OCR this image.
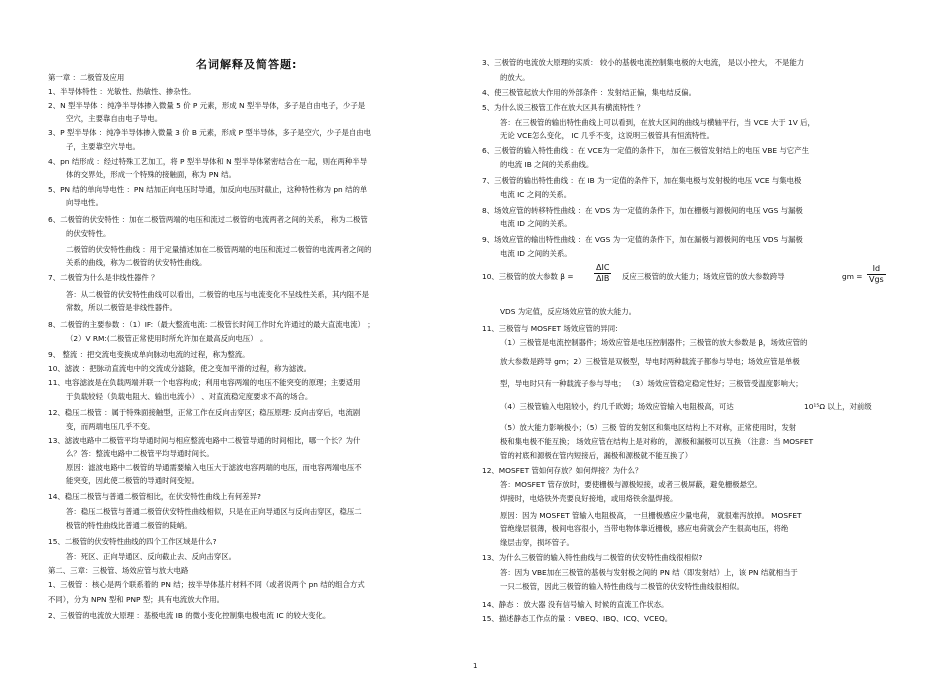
名词解释及简答题:
第一章 ：二极管及应用
1、半导体特性 ：光敏性、热敏性、掺杂性。
2、N 型半导体 ：纯净半导体掺入微量 5 价 P 元素，形成 N 型半导体，多子是自由电子，少子是
空穴，主要靠自由电子导电。
3、P 型半导体 ：纯净半导体掺入微量 3 价 B 元素，形成 P 型半导体，多子是空穴，少子是自由电
子，主要靠空穴导电。
4、pn 结形成 ：经过特殊工艺加工，将 P 型半导体和 N 型半导体紧密结合在一起，则在两种半导
体的交界处，形成一个特殊的接触面，称为 PN 结。
5、PN 结的单向导电性 ：PN 结加正向电压时导通，加反向电压时截止，这种特性称为 pn 结的单
向导电性。
6、二极管的伏安特性 ：加在二极管两端的电压和流过二极管的电流两者之间的关系， 称为二极管
的伏安特性。
二极管的伏安特性曲线 ：用于定量描述加在二极管两端的电压和流过二极管的电流两者之间的
关系的曲线，称为二极管的伏安特性曲线。
7、二极管为什么是非线性器件 ？
答：从二极管的伏安特性曲线可以看出，二极管的电压与电流变化不呈线性关系，其内阻不是
常数，所以二极管是非线性器件。
8、二极管的主要参数 ：（1）IF:（最大整流电流: 二极管长时间工作时允许通过的最大直流电流） ；
（2）V RM:(二极管正常使用时所允许加在最高反向电压） 。
9、 整流 ：把交流电变换成单向脉动电流的过程，称为整流。
10、滤波 ：把脉动直流电中的交流成分滤除，使之变加平滑的过程，称为滤波。
11、电容滤波是在负载两端并联一个电容构成；利用电容两端的电压不能突变的原理；主要适用
于负载较轻（负载电阻大、输出电流小） 、对直流稳定度要求不高的场合。
12、稳压二极管 ：属于特殊面接触型，正常工作在反向击穿区；稳压原理: 反向击穿后，电流剧
变，而两端电压几乎不变。
13、滤波电路中二极管平均导通时间与相应整流电路中二极管导通的时间相比，哪一个长？为什
么？答：整流电路中二极管平均导通时间长。
原因：滤波电路中二极管的导通需要输入电压大于滤波电容两端的电压，而电容两端电压不
能突变，因此使二极管的导通时间变短。
14、稳压二极管与普通二极管相比，在伏安特性曲线上有何差异?
答：稳压二极管与普通二极管伏安特性曲线相似，只是在正向导通区与反向击穿区，稳压二
极管的特性曲线比普通二极管的陡峭。
15、二极管的伏安特性曲线的四个工作区域是什么?
答：死区、正向导通区、反向截止去、反向击穿区。
第二、三章：三极管、场效应管与放大电路
1、三极管 ：核心是两个联系着的 PN 结；按半导体基片材料不同（或者说两个 pn 结的组合方式
不同），分为 NPN 型和 PNP 型；具有电流放大作用。
2、三极管的电流放大原理 ：基极电流 IB 的微小变化控制集电极电流 IC 的较大变化。
3、三极管的电流放大原理的实质： 较小的基极电流控制集电极的大电流， 是以小控大， 不是能力
的放大。
4、使三极管起放大作用的外部条件 ：发射结正偏，集电结反偏。
5、为什么说三极管工作在放大区具有横流特性 ？
答：在三极管的输出特性曲线上可以看到，在放大区间的曲线与横轴平行，当 VCE 大于 1V 后，
无论 VCE怎么变化， IC 几乎不变，这说明三极管具有恒流特性。
6、三极管的输入特性曲线 ：在 VCE为一定值的条件下， 加在三极管发射结上的电压 VBE 与它产生
的电流 IB 之间的关系曲线。
7、三极管的输出特性曲线 ：在 IB 为一定值的条件下，加在集电极与发射极的电压 VCE 与集电极
电流 IC 之间的关系。
8、场效应管的转移特性曲线 ：在 VDS 为一定值的条件下，加在栅极与源极间的电压 VGS 与漏极
电流 ID 之间的关系。
9、场效应管的输出特性曲线 ：在 VGS 为一定值的条件下，加在漏极与源极间的电压 VDS 与漏极
电流 ID 之间的关系。
10、三极管的放大参数 β =	反应三极管的放大能力；场效应管的放大参数跨导	gm =
VDS 为定值，反应场效应管的放大能力。
11、三极管与 MOSFET 场效应管的异同:
（1）三极管是电流控制器件；场效应管是电压控制器件；三极管的放大参数是 β，场效应管的
放大参数是跨导 gm；2）三极管是双极型，导电时两种载流子都参与导电；场效应管是单极
型，导电时只有一种载流子参与导电； （3）场效应管稳定稳定性好；三极管受温度影响大；
（4）三极管输入电阻较小，约几千欧姆；场效应管输入电阻极高，可达	10¹⁵Ω 以上，对前级
（5）放大能力影响极小；（5）三极 管的发射区和集电区结构上不对称，正常使用时，发射
极和集电极不能互换； 场效应管在结构上是对称的， 源极和漏极可以互换 （注意：当 MOSFET
管的衬底和源极在管内短接后，漏极和源极就不能互换了）
12、MOSFET 管如何存放？如何焊接？为什么？
答：MOSFET 管存放时，要使栅极与源极短接，或者三极屏蔽，避免栅极悬空。
焊接时，电烙铁外壳要良好接地，或用烙铁余温焊接。
原因：因为 MOSFET 管输入电阻极高， 一旦栅极感应少量电荷， 就很难泻放掉。 MOSFET
管绝缘层很薄，极间电容很小，当带电物体靠近栅极，感应电荷就会产生很高电压，将绝
缘层击穿，损坏管子。
13、为什么三极管的输入特性曲线与二极管的伏安特性曲线很相似?
答：因为 VBE加在三极管的基极与发射极之间的 PN 结（即发射结）上，该 PN 结就相当于
一只二极管，因此三极管的输入特性曲线与二极管的伏安特性曲线很相似。
14、静态 ：放大器 没有信号输入 时候的直流工作状态。
15、描述静态工作点的量 ：VBEQ、IBQ、ICQ、VCEQ。
$\frac{\text{ΔIC}}{\text{ΔIB}}$	$\frac{Id}{\text{Vgs}}$
1
